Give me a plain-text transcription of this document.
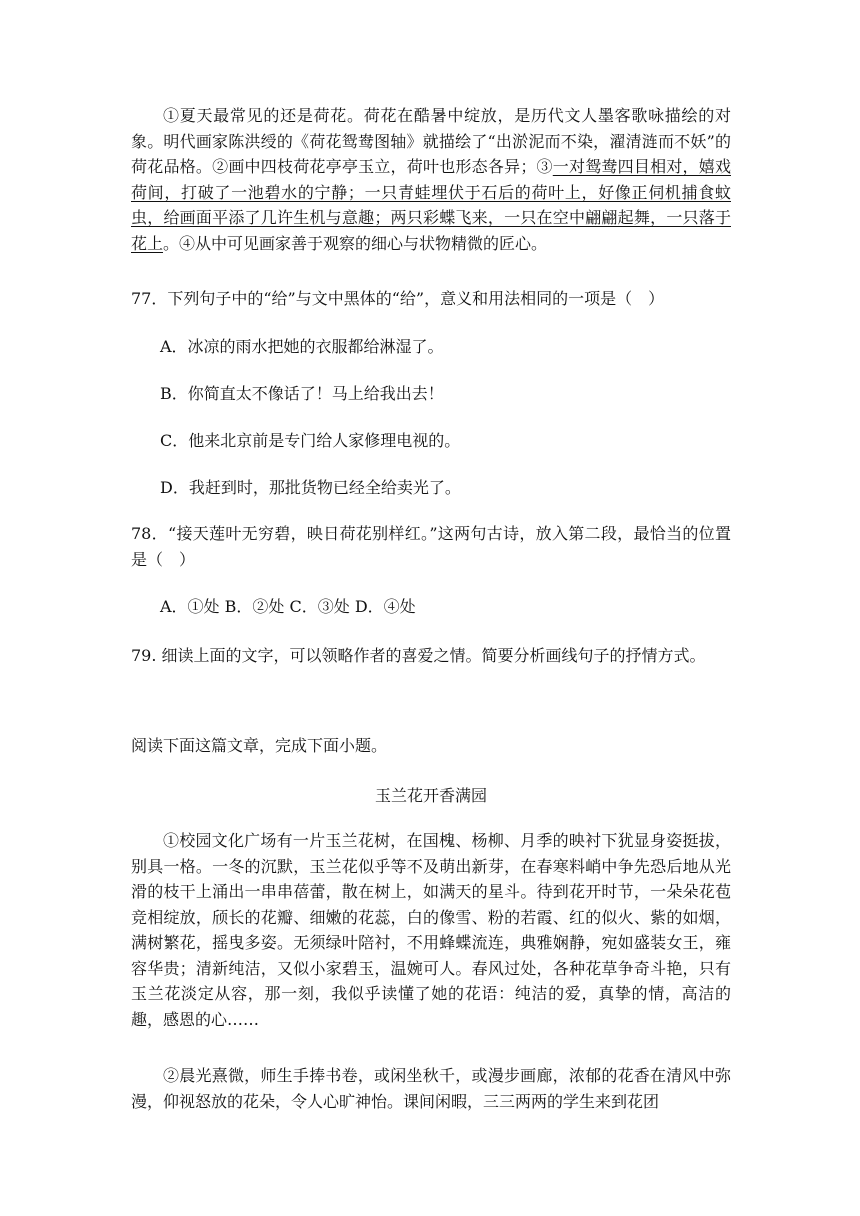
①夏天最常见的还是荷花。荷花在酷暑中绽放，是历代文人墨客歌咏描绘的对象。明代画家陈洪绶的《荷花鸳鸯图轴》就描绘了“出淤泥而不染，濯清涟而不妖”的荷花品格。②画中四枝荷花亭亭玉立，荷叶也形态各异；③一对鸳鸯四目相对，嬉戏荷间，打破了一池碧水的宁静；一只青蛙埋伏于石后的荷叶上，好像正伺机捕食蚊虫，给画面平添了几许生机与意趣；两只彩蝶飞来，一只在空中翩翩起舞，一只落于花上。④从中可见画家善于观察的细心与状物精微的匠心。

77．下列句子中的“给”与文中黑体的“给”，意义和用法相同的一项是（　）

A．冰凉的雨水把她的衣服都给淋湿了。

B．你简直太不像话了！马上给我出去！

C．他来北京前是专门给人家修理电视的。

D．我赶到时，那批货物已经全给卖光了。

78．“接天莲叶无穷碧，映日荷花别样红。”这两句古诗，放入第二段，最恰当的位置是（　）

A．①处 B．②处 C．③处 D．④处

79. 细读上面的文字，可以领略作者的喜爱之情。简要分析画线句子的抒情方式。

阅读下面这篇文章，完成下面小题。

玉兰花开香满园

①校园文化广场有一片玉兰花树，在国槐、杨柳、月季的映衬下犹显身姿挺拔，别具一格。一冬的沉默，玉兰花似乎等不及萌出新芽，在春寒料峭中争先恐后地从光滑的枝干上涌出一串串蓓蕾，散在树上，如满天的星斗。待到花开时节，一朵朵花苞竞相绽放，颀长的花瓣、细嫩的花蕊，白的像雪、粉的若霞、红的似火、紫的如烟，满树繁花，摇曳多姿。无须绿叶陪衬，不用蜂蝶流连，典雅娴静，宛如盛装女王，雍容华贵；清新纯洁，又似小家碧玉，温婉可人。春风过处，各种花草争奇斗艳，只有玉兰花淡定从容，那一刻，我似乎读懂了她的花语：纯洁的爱，真挚的情，高洁的趣，感恩的心……

②晨光熹微，师生手捧书卷，或闲坐秋千，或漫步画廊，浓郁的花香在清风中弥漫，仰视怒放的花朵，令人心旷神怡。课间闲暇，三三两两的学生来到花团
